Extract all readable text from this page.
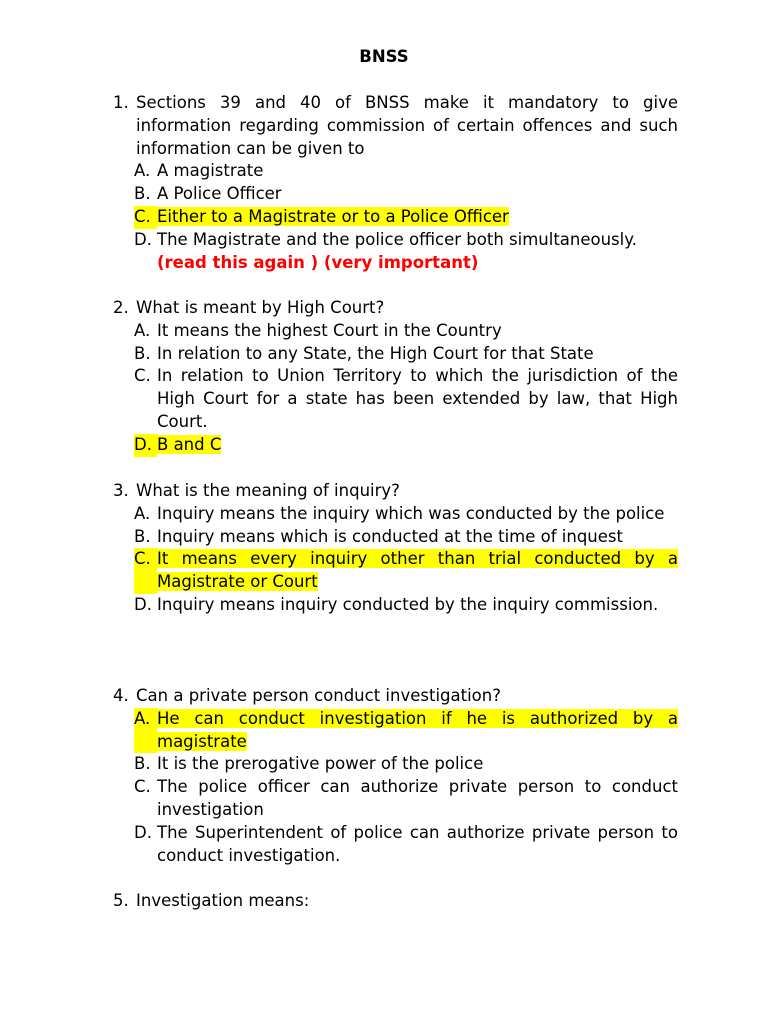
BNSS
1. Sections 39 and 40 of BNSS make it mandatory to give information regarding commission of certain offences and such information can be given to
A. A magistrate
B. A Police Officer
C. Either to a Magistrate or to a Police Officer
D. The Magistrate and the police officer both simultaneously.
(read this again ) (very important)
2. What is meant by High Court?
A. It means the highest Court in the Country
B. In relation to any State, the High Court for that State
C. In relation to Union Territory to which the jurisdiction of the High Court for a state has been extended by law, that High Court.
D. B and C
3. What is the meaning of inquiry?
A. Inquiry means the inquiry which was conducted by the police
B. Inquiry means which is conducted at the time of inquest
C. It means every inquiry other than trial conducted by a Magistrate or Court
D. Inquiry means inquiry conducted by the inquiry commission.
4. Can a private person conduct investigation?
A. He can conduct investigation if he is authorized by a magistrate
B. It is the prerogative power of the police
C. The police officer can authorize private person to conduct investigation
D. The Superintendent of police can authorize private person to conduct investigation.
5. Investigation means:
